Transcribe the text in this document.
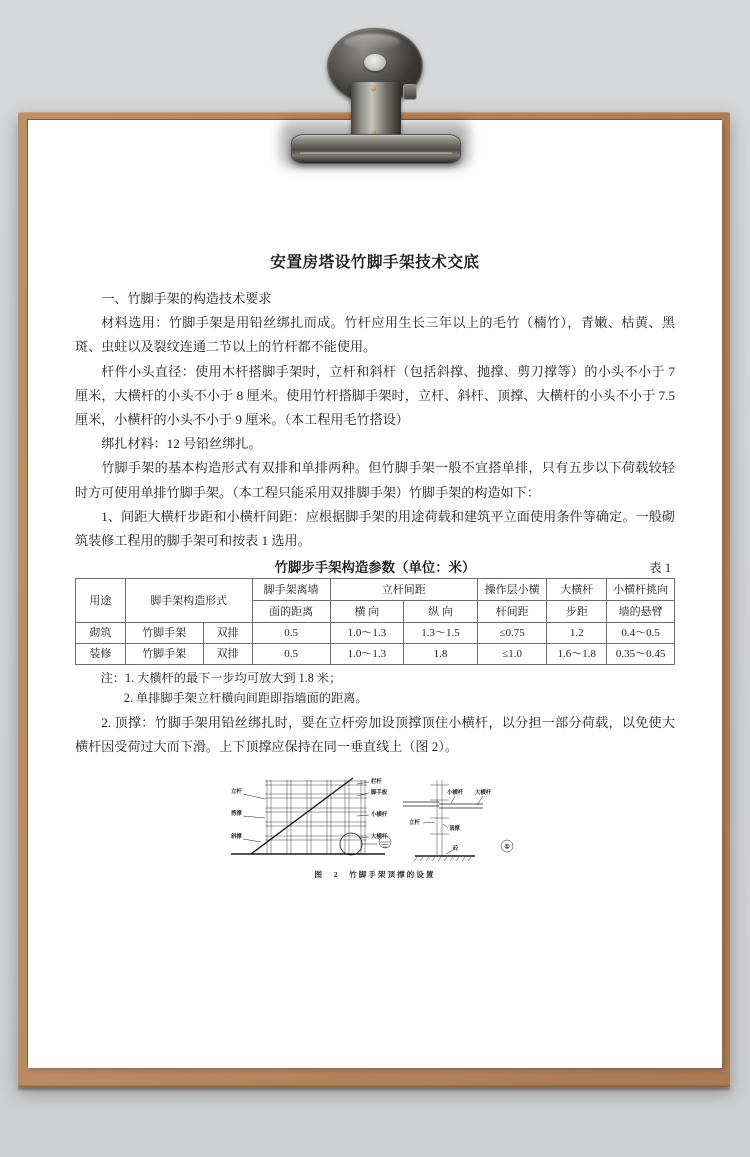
安置房塔设竹脚手架技术交底

一、竹脚手架的构造技术要求

材料选用：竹脚手架是用铅丝绑扎而成。竹杆应用生长三年以上的毛竹（楠竹），青嫩、枯黄、黑斑、虫蛀以及裂纹连通二节以上的竹杆都不能使用。

杆件小头直径：使用木杆搭脚手架时，立杆和斜杆（包括斜撑、抛撑、剪刀撑等）的小头不小于 7 厘米，大横杆的小头不小于 8 厘米。使用竹杆搭脚手架时，立杆、斜杆、顶撑、大横杆的小头不小于 7.5 厘米，小横杆的小头不小于 9 厘米。（本工程用毛竹搭设）

绑扎材料：12 号铅丝绑扎。

竹脚手架的基本构造形式有双排和单排两种。但竹脚手架一般不宜搭单排，只有五步以下荷载较轻时方可使用单排竹脚手架。（本工程只能采用双排脚手架）竹脚手架的构造如下：

1、间距大横杆步距和小横杆间距：应根据脚手架的用途荷载和建筑平立面使用条件等确定。一般砌筑装修工程用的脚手架可和按表 1 选用。

竹脚步手架构造参数（单位：米）	表 1
用途	脚手架构造形式		脚手架离墙	立杆间距		操作层小横	大横杆	小横杆挑向
			面的距离	横 向	纵 向	杆间距	步距	墙的悬臂
砌筑	竹脚手架	双排	0.5	1.0～1.3	1.3～1.5	≤0.75	1.2	0.4～0.5
装修	竹脚手架	双排	0.5	1.0～1.3	1.8	≤1.0	1.6～1.8	0.35～0.45
注：1. 大横杆的最下一步均可放大到 1.8 米；
2. 单排脚手架立杆横向间距即指墙面的距离。

2. 顶撑：竹脚手架用铅丝绑扎时，要在立杆旁加设顶撑顶住小横杆，以分担一部分荷载，以免使大横杆因受荷过大而下滑。上下顶撑应保持在同一垂直线上（图 2）。

立杆
剪撑
斜撑
栏杆
脚手板
小横杆
大横杆
小横杆 大横杆
立杆
顶撑
砼	①
图　2　竹脚手架顶撑的设置
